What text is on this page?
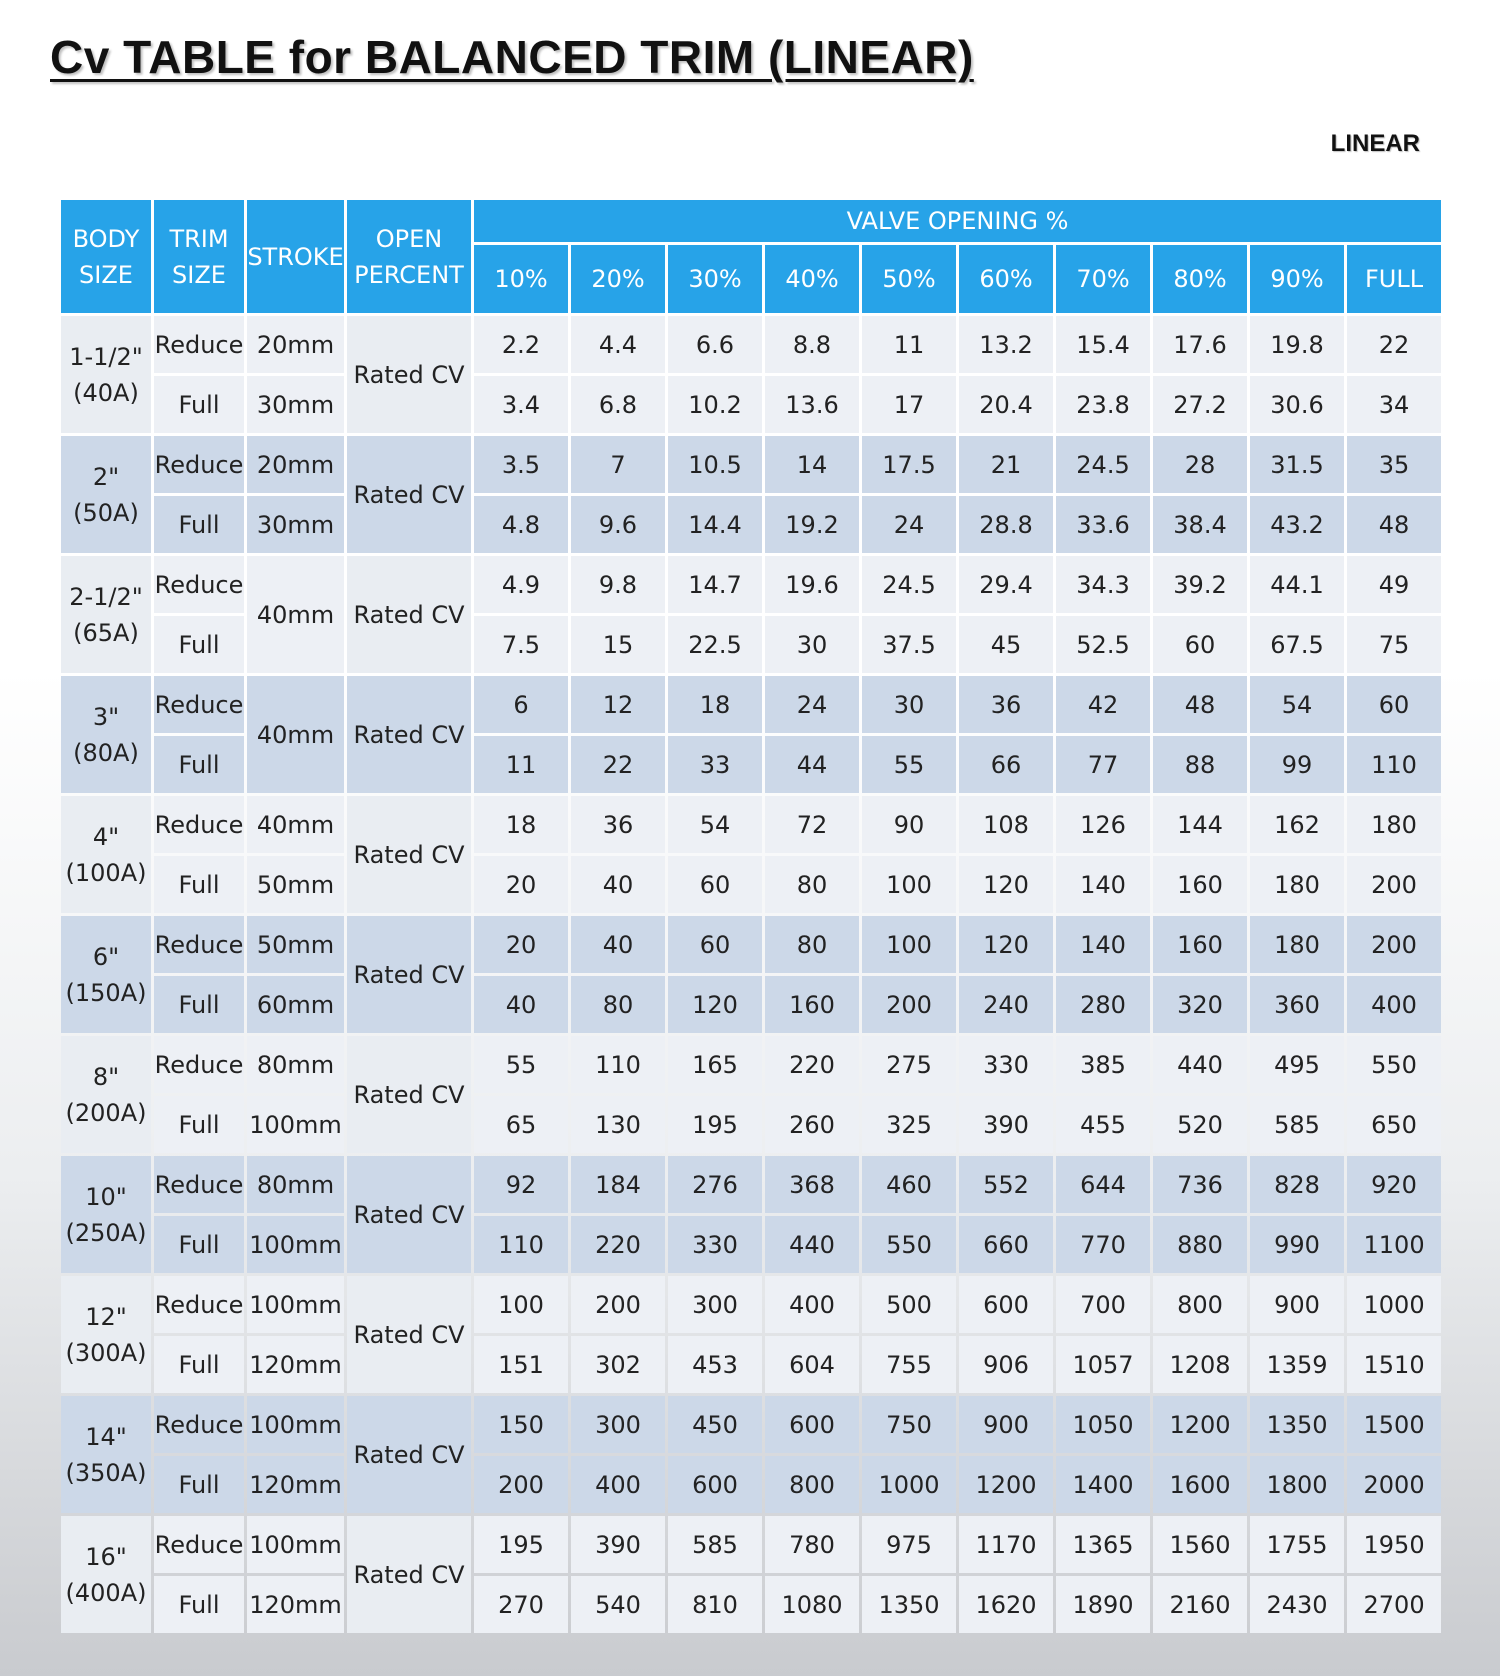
Cv TABLE for BALANCED TRIM (LINEAR)
LINEAR
BODY
SIZE	TRIM
SIZE	STROKE	OPEN
PERCENT	VALVE OPENING %									
				10%	20%	30%	40%	50%	60%	70%	80%	90%	FULL

1-1/2"
(40A)	Reduce	20mm	Rated CV	2.2	4.4	6.6	8.8	11	13.2	15.4	17.6	19.8	22
	Full	30mm		3.4	6.8	10.2	13.6	17	20.4	23.8	27.2	30.6	34

2"
(50A)	Reduce	20mm	Rated CV	3.5	7	10.5	14	17.5	21	24.5	28	31.5	35
	Full	30mm		4.8	9.6	14.4	19.2	24	28.8	33.6	38.4	43.2	48

2-1/2"
(65A)	Reduce	40mm	Rated CV	4.9	9.8	14.7	19.6	24.5	29.4	34.3	39.2	44.1	49
	Full			7.5	15	22.5	30	37.5	45	52.5	60	67.5	75

3"
(80A)	Reduce	40mm	Rated CV	6	12	18	24	30	36	42	48	54	60
	Full			11	22	33	44	55	66	77	88	99	110

4"
(100A)	Reduce	40mm	Rated CV	18	36	54	72	90	108	126	144	162	180
	Full	50mm		20	40	60	80	100	120	140	160	180	200

6"
(150A)	Reduce	50mm	Rated CV	20	40	60	80	100	120	140	160	180	200
	Full	60mm		40	80	120	160	200	240	280	320	360	400

8"
(200A)	Reduce	80mm	Rated CV	55	110	165	220	275	330	385	440	495	550
	Full	100mm		65	130	195	260	325	390	455	520	585	650

10"
(250A)	Reduce	80mm	Rated CV	92	184	276	368	460	552	644	736	828	920
	Full	100mm		110	220	330	440	550	660	770	880	990	1100

12"
(300A)	Reduce	100mm	Rated CV	100	200	300	400	500	600	700	800	900	1000
	Full	120mm		151	302	453	604	755	906	1057	1208	1359	1510

14"
(350A)	Reduce	100mm	Rated CV	150	300	450	600	750	900	1050	1200	1350	1500
	Full	120mm		200	400	600	800	1000	1200	1400	1600	1800	2000

16"
(400A)	Reduce	100mm	Rated CV	195	390	585	780	975	1170	1365	1560	1755	1950
	Full	120mm		270	540	810	1080	1350	1620	1890	2160	2430	2700
